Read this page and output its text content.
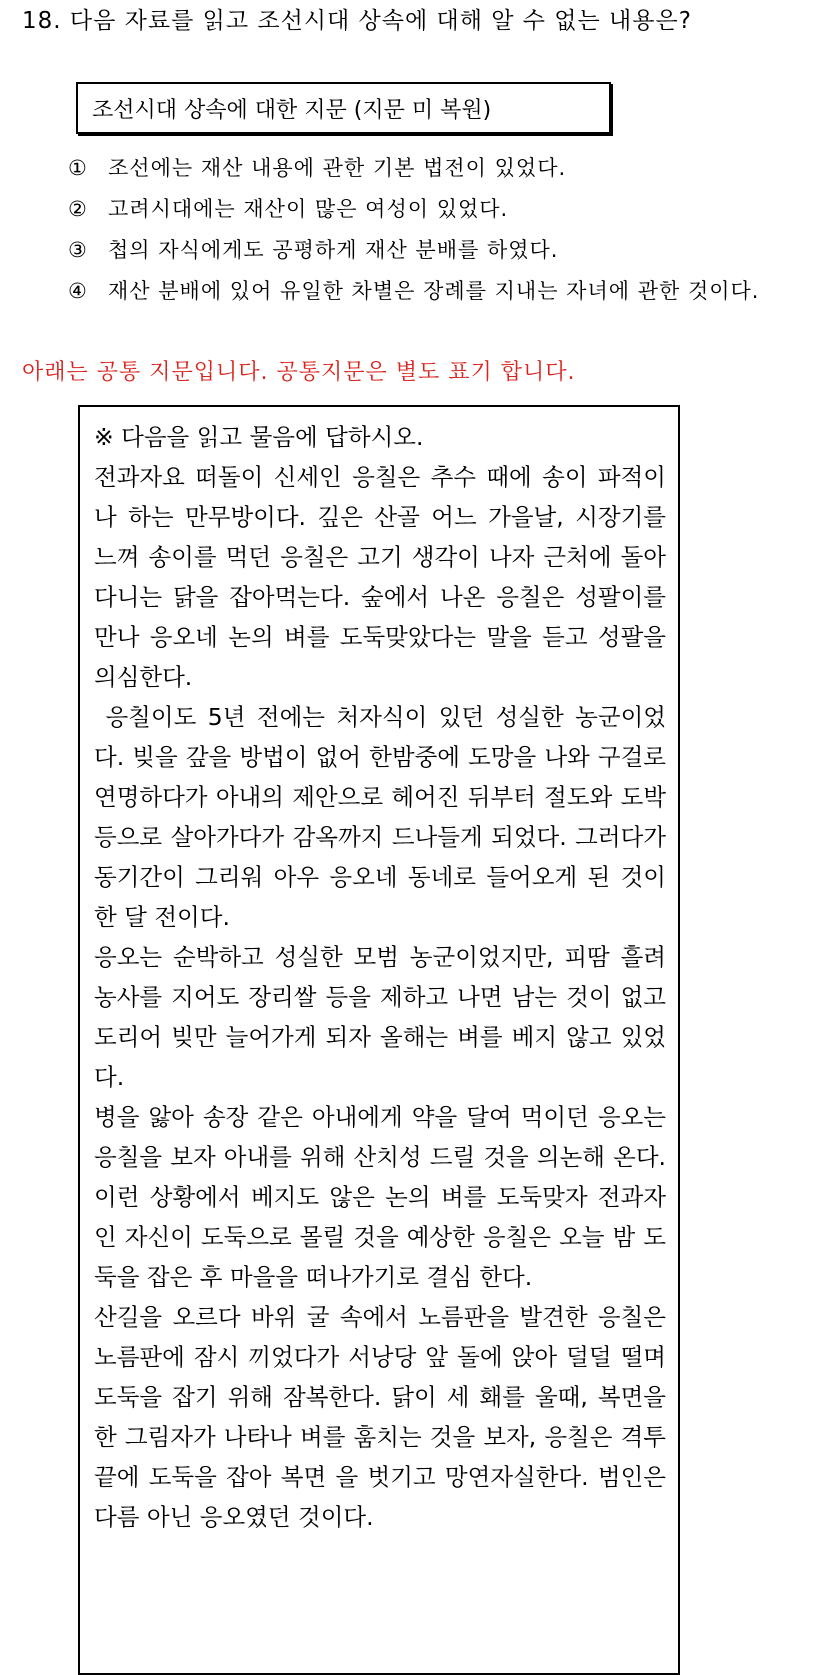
18. 다음 자료를 읽고 조선시대 상속에 대해 알 수 없는 내용은?
조선시대 상속에 대한 지문 (지문 미 복원)
① 조선에는 재산 내용에 관한 기본 법전이 있었다.
② 고려시대에는 재산이 많은 여성이 있었다.
③ 첩의 자식에게도 공평하게 재산 분배를 하였다.
④ 재산 분배에 있어 유일한 차별은 장례를 지내는 자녀에 관한 것이다.
아래는 공통 지문입니다. 공통지문은 별도 표기 합니다.

※ 다음을 읽고 물음에 답하시오.

전과자요 떠돌이 신세인 응칠은 추수 때에 송이 파적이나 하는 만무방이다. 깊은 산골 어느 가을날, 시장기를 느껴 송이를 먹던 응칠은 고기 생각이 나자 근처에 돌아다니는 닭을 잡아먹는다. 숲에서 나온 응칠은 성팔이를 만나 응오네 논의 벼를 도둑맞았다는 말을 듣고 성팔을 의심한다.

응칠이도 5년 전에는 처자식이 있던 성실한 농군이었다. 빚을 갚을 방법이 없어 한밤중에 도망을 나와 구걸로 연명하다가 아내의 제안으로 헤어진 뒤부터 절도와 도박 등으로 살아가다가 감옥까지 드나들게 되었다. 그러다가 동기간이 그리워 아우 응오네 동네로 들어오게 된 것이 한 달 전이다.

응오는 순박하고 성실한 모범 농군이었지만, 피땀 흘려 농사를 지어도 장리쌀 등을 제하고 나면 남는 것이 없고 도리어 빚만 늘어가게 되자 올해는 벼를 베지 않고 있었다.

병을 앓아 송장 같은 아내에게 약을 달여 먹이던 응오는 응칠을 보자 아내를 위해 산치성 드릴 것을 의논해 온다. 이런 상황에서 베지도 않은 논의 벼를 도둑맞자 전과자인 자신이 도둑으로 몰릴 것을 예상한 응칠은 오늘 밤 도둑을 잡은 후 마을을 떠나가기로 결심 한다.

산길을 오르다 바위 굴 속에서 노름판을 발견한 응칠은 노름판에 잠시 끼었다가 서낭당 앞 돌에 앉아 덜덜 떨며 도둑을 잡기 위해 잠복한다. 닭이 세 홰를 울때, 복면을 한 그림자가 나타나 벼를 훔치는 것을 보자, 응칠은 격투 끝에 도둑을 잡아 복면 을 벗기고 망연자실한다. 범인은 다름 아닌 응오였던 것이다.
